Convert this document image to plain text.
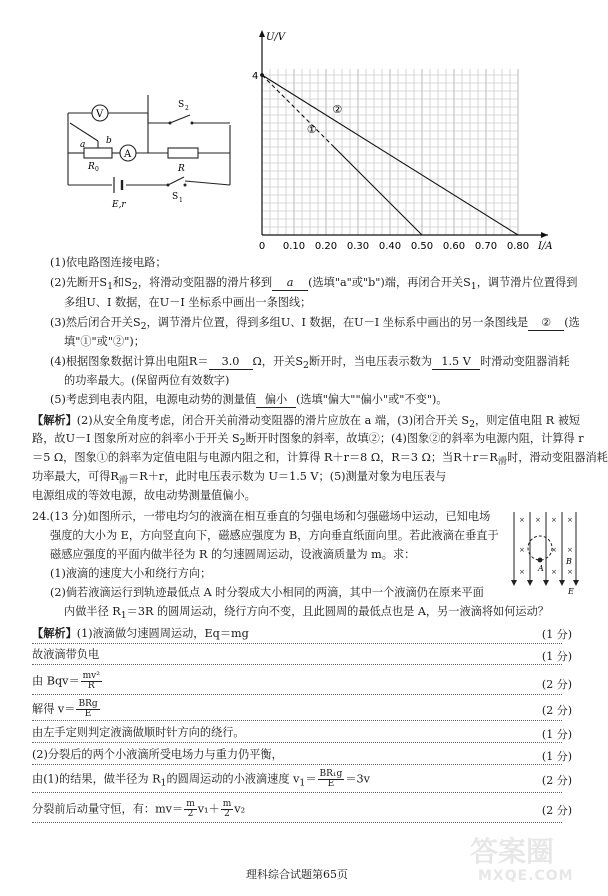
V
A
S 2
S 1
a b
R 0	R
E,r
0 0.10 0.20 0.30 0.40 0.50 0.60 0.70 0.80
4
I/A
U/V
①
②
(1)依电路图连接电路；
(2)先断开$S_1$和$S_2$，将滑动变阻器的滑片移到 a (选填"a"或"b")端，再闭合开关$S_1$，调节滑片位置得到
多组U、I 数据，在U－I 坐标系中画出一条图线；
(3)然后闭合开关$S_2$，调节滑片位置，得到多组U、I 数据，在U－I 坐标系中画出的另一条图线是 ② (选
填"①"或"②")；
(4)根据图象数据计算出电阻R＝ 3.0 Ω，开关$S_2$断开时，当电压表示数为 1.5 V 时滑动变阻器消耗
的功率最大。(保留两位有效数字)
(5)考虑到电表内阻，电源电动势的测量值 偏小 (选填"偏大""偏小"或"不变")。
【解析】(2)从安全角度考虑，闭合开关前滑动变阻器的滑片应放在 a 端，(3)闭合开关 $S_2$，则定值电阻 R 被短
路，故U－I 图象所对应的斜率小于开关 $S_2$断开时图象的斜率，故填②；(4)图象②的斜率为电源内阻，计算得 r
＝5 Ω，图象①的斜率为定值电阻与电源内阻之和，计算得 R＋r＝8 Ω，R＝3 Ω；当$R+r=R_滑$时，滑动变阻器消耗
功率最大，可得$R_滑=R+r$，此时电压表示数为 U＝1.5 V；(5)测量对象为电压表与
电源组成的等效电源，故电动势测量值偏小。
24.(13 分)如图所示，一带电均匀的液滴在相互垂直的匀强电场和匀强磁场中运动，已知电场
强度的大小为 E，方向竖直向下，磁感应强度为 B，方向垂直纸面向里。若此液滴在垂直于
磁感应强度的平面内做半径为 R 的匀速圆周运动，设液滴质量为 m。求：
(1)液滴的速度大小和绕行方向；
(2)倘若液滴运行到轨迹最低点 A 时分裂成大小相同的两滴，其中一个液滴仍在原来平面
内做半径 $R_1=3R$ 的圆周运动，绕行方向不变，且此圆周的最低点也是 A，另一液滴将如何运动？
× × × ×
×	× ×
×	× ×
A
B
E
【解析】(1)液滴做匀速圆周运动，Eq＝mg	(1 分)
故液滴带负电	(1 分)
由 $Bqv= \frac{\text{mv²}}{R}$	(2 分)
解得 $v= \frac{\text{BRg}}{E}$	(2 分)
由左手定则判定液滴做顺时针方向的绕行。	(1 分)
(2)分裂后的两个小液滴所受电场力与重力仍平衡，	(1 分)
由(1)的结果，做半径为 $R_1$的圆周运动的小液滴速度 $v_1= \frac{\text{BR₁g}}{E} =3v$	(2 分)
分裂前后动量守恒，有：$mv= \frac{m}{2} v_1+ \frac{m}{2} v_2$	(2 分)
理科综合试题第65页
答案圈
MXQE.COM
